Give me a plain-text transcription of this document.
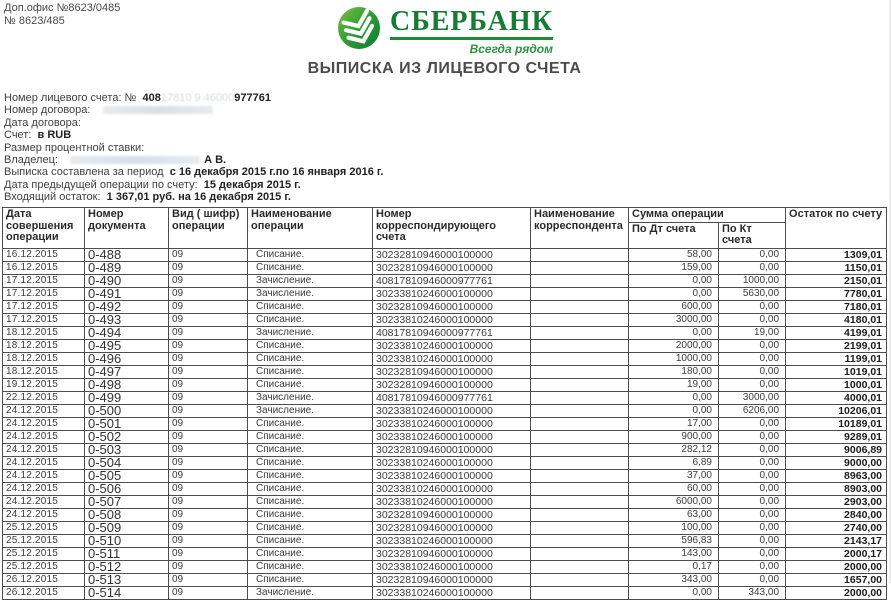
Доп.офис №8623/0485
№ 8623/485	СБЕРБАНК
Всегда рядом
ВЫПИСКА ИЗ ЛИЦЕВОГО СЧЕТА
Номер лицевого счета: №  40817810 9 46000977761
Номер договора:
Дата договора:
Счет:  в RUB
Размер процентной ставки:
Владелец:	А В.
Выписка составлена за период  с 16 декабря 2015 г.по 16 января 2016 г.
Дата предыдущей операции по счету:  15 декабря 2015 г.
Входящий остаток:  1 367,01 руб. на 16 декабря 2015 г.
Дата совершения операции	Номер документа	Вид ( шифр) операции	Наименование операции	Номер корреспондирующего счета	Наименование корреспондента	Сумма операции		Остаток по счету
						По Дт счета	По Кт счета	
16.12.2015	0-488	09	Списание.	30232810946000100000		58,00	0,00	1309,01
16.12.2015	0-489	09	Списание.	30232810946000100000		159,00	0,00	1150,01
17.12.2015	0-490	09	Зачисление.	40817810946000977761		0,00	1000,00	2150,01
17.12.2015	0-491	09	Зачисление.	30233810246000100000		0,00	5630,00	7780,01
17.12.2015	0-492	09	Списание.	30232810946000100000		600,00	0,00	7180,01
17.12.2015	0-493	09	Списание.	30233810246000100000		3000,00	0,00	4180,01
18.12.2015	0-494	09	Зачисление.	40817810946000977761		0,00	19,00	4199,01
18.12.2015	0-495	09	Списание.	30233810246000100000		2000,00	0,00	2199,01
18.12.2015	0-496	09	Списание.	30233810246000100000		1000,00	0,00	1199,01
18.12.2015	0-497	09	Списание.	30232810946000100000		180,00	0,00	1019,01
19.12.2015	0-498	09	Списание.	30232810946000100000		19,00	0,00	1000,01
22.12.2015	0-499	09	Зачисление.	40817810946000977761		0,00	3000,00	4000,01
24.12.2015	0-500	09	Зачисление.	30233810246000100000		0,00	6206,00	10206,01
24.12.2015	0-501	09	Списание.	30233810246000100000		17,00	0,00	10189,01
24.12.2015	0-502	09	Списание.	30233810246000100000		900,00	0,00	9289,01
24.12.2015	0-503	09	Списание.	30232810946000100000		282,12	0,00	9006,89
24.12.2015	0-504	09	Списание.	30233810246000100000		6,89	0,00	9000,00
24.12.2015	0-505	09	Списание.	30233810246000100000		37,00	0,00	8963,00
24.12.2015	0-506	09	Списание.	30233810246000100000		60,00	0,00	8903,00
24.12.2015	0-507	09	Списание.	30233810246000100000		6000,00	0,00	2903,00
24.12.2015	0-508	09	Списание.	30232810946000100000		63,00	0,00	2840,00
25.12.2015	0-509	09	Списание.	30232810946000100000		100,00	0,00	2740,00
25.12.2015	0-510	09	Списание.	30233810246000100000		596,83	0,00	2143,17
25.12.2015	0-511	09	Списание.	30232810946000100000		143,00	0,00	2000,17
25.12.2015	0-512	09	Списание.	30233810246000100000		0,17	0,00	2000,00
26.12.2015	0-513	09	Списание.	30232810946000100000		343,00	0,00	1657,00
26.12.2015	0-514	09	Зачисление.	30233810246000100000		0,00	343,00	2000,00
